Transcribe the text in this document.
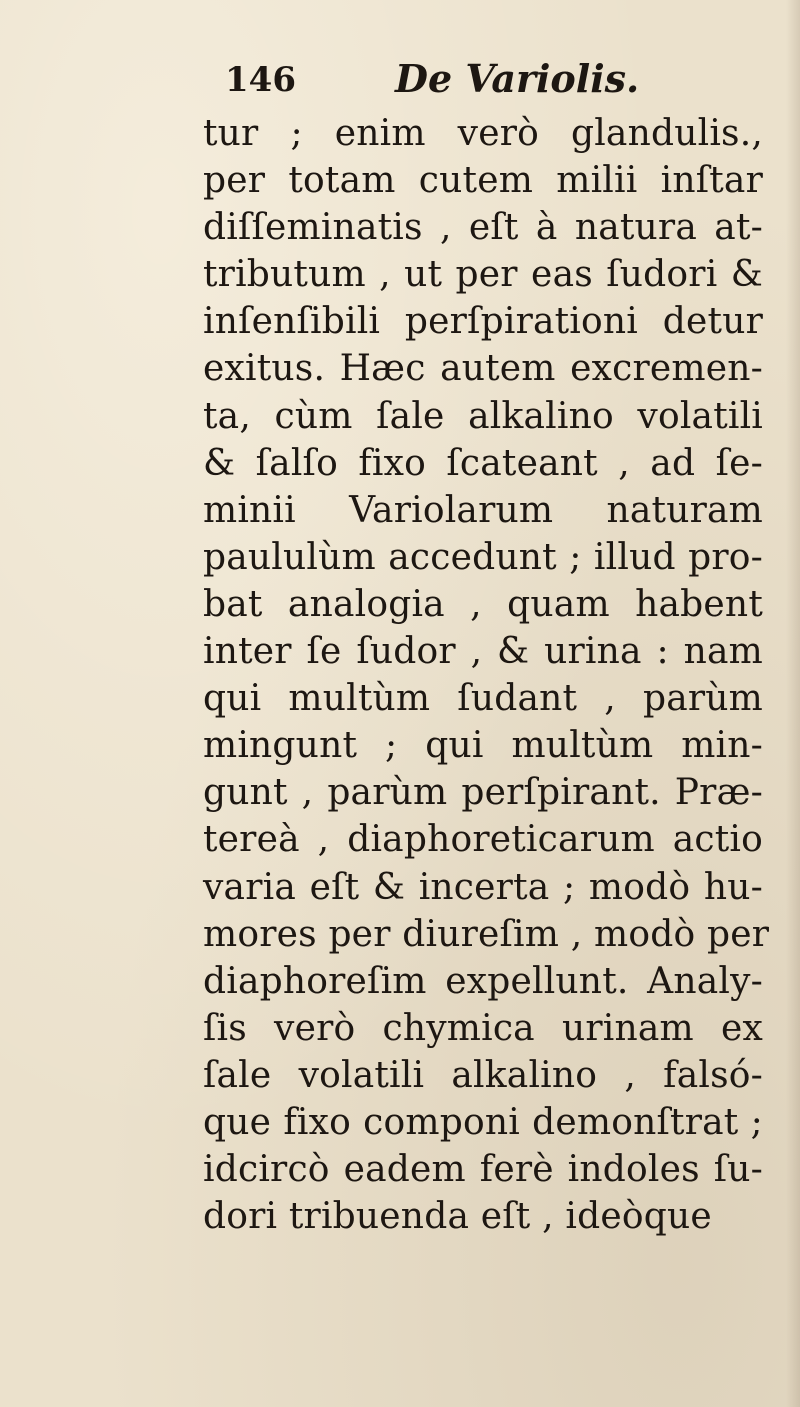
146	De Variolis.
tur ; enim verò glandulis.,
per totam cutem milii inſtar
diſſeminatis , eſt à natura at-
tributum , ut per eas ſudori &
inſenſibili perſpirationi detur
exitus. Hæc autem excremen-
ta, cùm ſale alkalino volatili
& ſalſo fixo ſcateant , ad ſe-
minii Variolarum naturam
paululùm accedunt ; illud pro-
bat analogia , quam habent
inter ſe ſudor , & urina : nam
qui multùm ſudant , parùm
mingunt ; qui multùm min-
gunt , parùm perſpirant. Præ-
tereà , diaphoreticarum actio
varia eſt & incerta ; modò hu-
mores per diureſim , modò per
diaphoreſim expellunt. Analy-
ſis verò chymica urinam ex
ſale volatili alkalino , falsó-
que fixo componi demonſtrat ;
idcircò eadem ferè indoles ſu-
dori tribuenda eſt , ideòque
